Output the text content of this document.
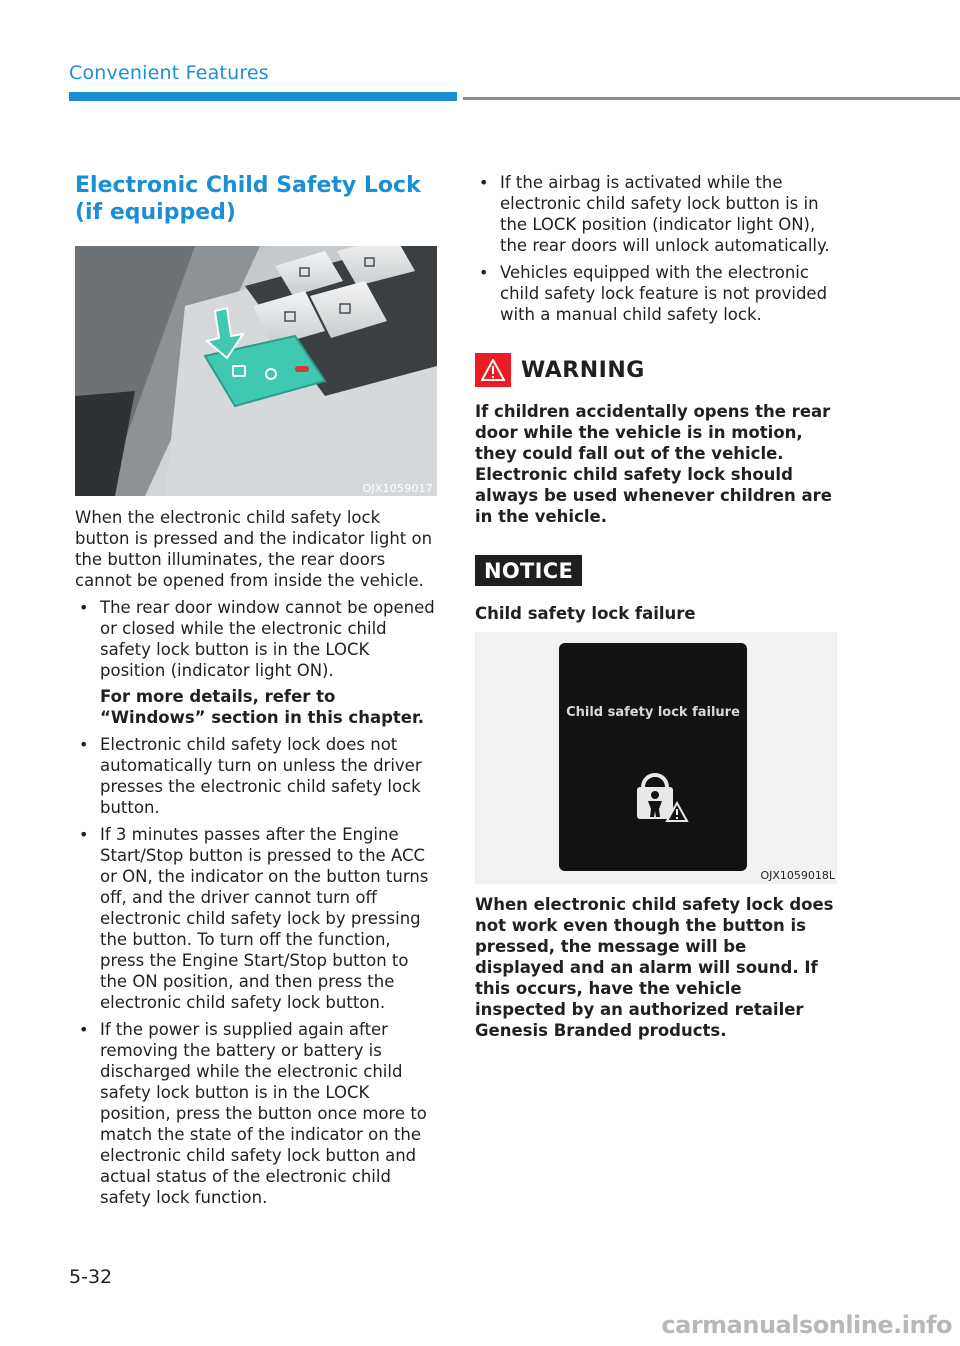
Convenient Features
Electronic Child Safety Lock (if equipped)
OJX1059017

When the electronic child safety lock button is pressed and the indicator light on the button illuminates, the rear doors cannot be opened from inside the vehicle.

• The rear door window cannot be opened or closed while the electronic child safety lock button is in the LOCK position (indicator light ON).
For more details, refer to “Windows” section in this chapter.
• Electronic child safety lock does not automatically turn on unless the driver presses the electronic child safety lock button.
• If 3 minutes passes after the Engine Start/Stop button is pressed to the ACC or ON, the indicator on the button turns off, and the driver cannot turn off electronic child safety lock by pressing the button. To turn off the function, press the Engine Start/Stop button to the ON position, and then press the electronic child safety lock button.
• If the power is supplied again after removing the battery or battery is discharged while the electronic child safety lock button is in the LOCK position, press the button once more to match the state of the indicator on the electronic child safety lock button and actual status of the electronic child safety lock function.
• If the airbag is activated while the electronic child safety lock button is in the LOCK position (indicator light ON), the rear doors will unlock automatically.
• Vehicles equipped with the electronic child safety lock feature is not provided with a manual child safety lock.
WARNING
If children accidentally opens the rear door while the vehicle is in motion, they could fall out of the vehicle. Electronic child safety lock should always be used whenever children are in the vehicle.
NOTICE
Child safety lock failure
Child safety lock failure
OJX1059018L
When electronic child safety lock does not work even though the button is pressed, the message will be displayed and an alarm will sound. If this occurs, have the vehicle inspected by an authorized retailer Genesis Branded products.
5-32
carmanualsonline.info
